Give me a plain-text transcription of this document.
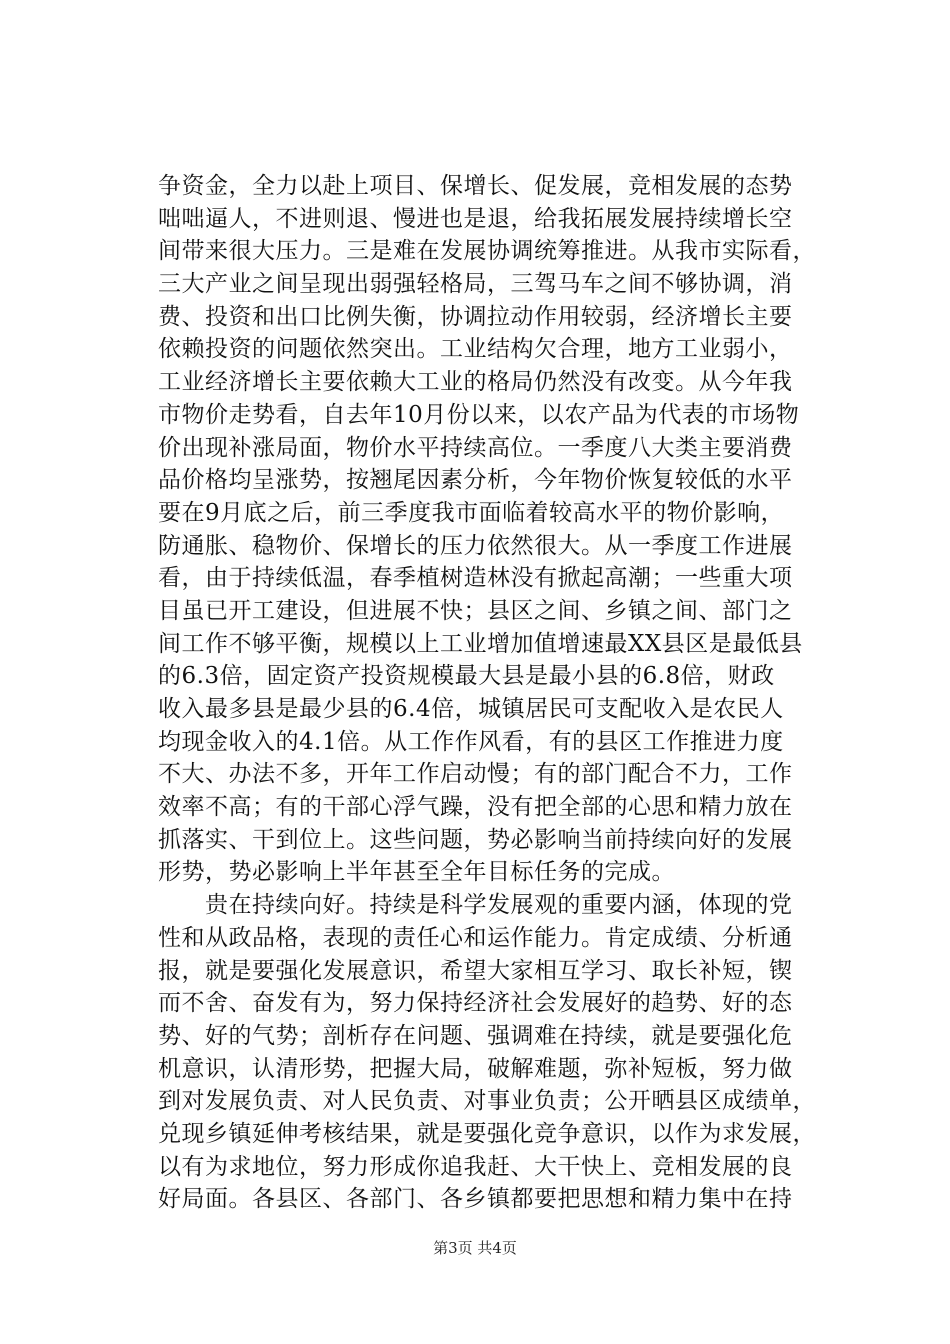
争资金，全力以赴上项目、保增长、促发展，竞相发展的态势
咄咄逼人，不进则退、慢进也是退，给我拓展发展持续增长空
间带来很大压力。三是难在发展协调统筹推进。从我市实际看，
三大产业之间呈现出弱强轻格局，三驾马车之间不够协调，消
费、投资和出口比例失衡，协调拉动作用较弱，经济增长主要
依赖投资的问题依然突出。工业结构欠合理，地方工业弱小，
工业经济增长主要依赖大工业的格局仍然没有改变。从今年我
市物价走势看，自去年10月份以来，以农产品为代表的市场物
价出现补涨局面，物价水平持续高位。一季度八大类主要消费
品价格均呈涨势，按翘尾因素分析，今年物价恢复较低的水平
要在9月底之后，前三季度我市面临着较高水平的物价影响，
防通胀、稳物价、保增长的压力依然很大。从一季度工作进展
看，由于持续低温，春季植树造林没有掀起高潮；一些重大项
目虽已开工建设，但进展不快；县区之间、乡镇之间、部门之
间工作不够平衡，规模以上工业增加值增速最XX县区是最低县
的6.3倍，固定资产投资规模最大县是最小县的6.8倍，财政
收入最多县是最少县的6.4倍，城镇居民可支配收入是农民人
均现金收入的4.1倍。从工作作风看，有的县区工作推进力度
不大、办法不多，开年工作启动慢；有的部门配合不力，工作
效率不高；有的干部心浮气躁，没有把全部的心思和精力放在
抓落实、干到位上。这些问题，势必影响当前持续向好的发展
形势，势必影响上半年甚至全年目标任务的完成。
　　贵在持续向好。持续是科学发展观的重要内涵，体现的党
性和从政品格，表现的责任心和运作能力。肯定成绩、分析通
报，就是要强化发展意识，希望大家相互学习、取长补短，锲
而不舍、奋发有为，努力保持经济社会发展好的趋势、好的态
势、好的气势；剖析存在问题、强调难在持续，就是要强化危
机意识，认清形势，把握大局，破解难题，弥补短板，努力做
到对发展负责、对人民负责、对事业负责；公开晒县区成绩单，
兑现乡镇延伸考核结果，就是要强化竞争意识，以作为求发展，
以有为求地位，努力形成你追我赶、大干快上、竞相发展的良
好局面。各县区、各部门、各乡镇都要把思想和精力集中在持
第3页 共4页
